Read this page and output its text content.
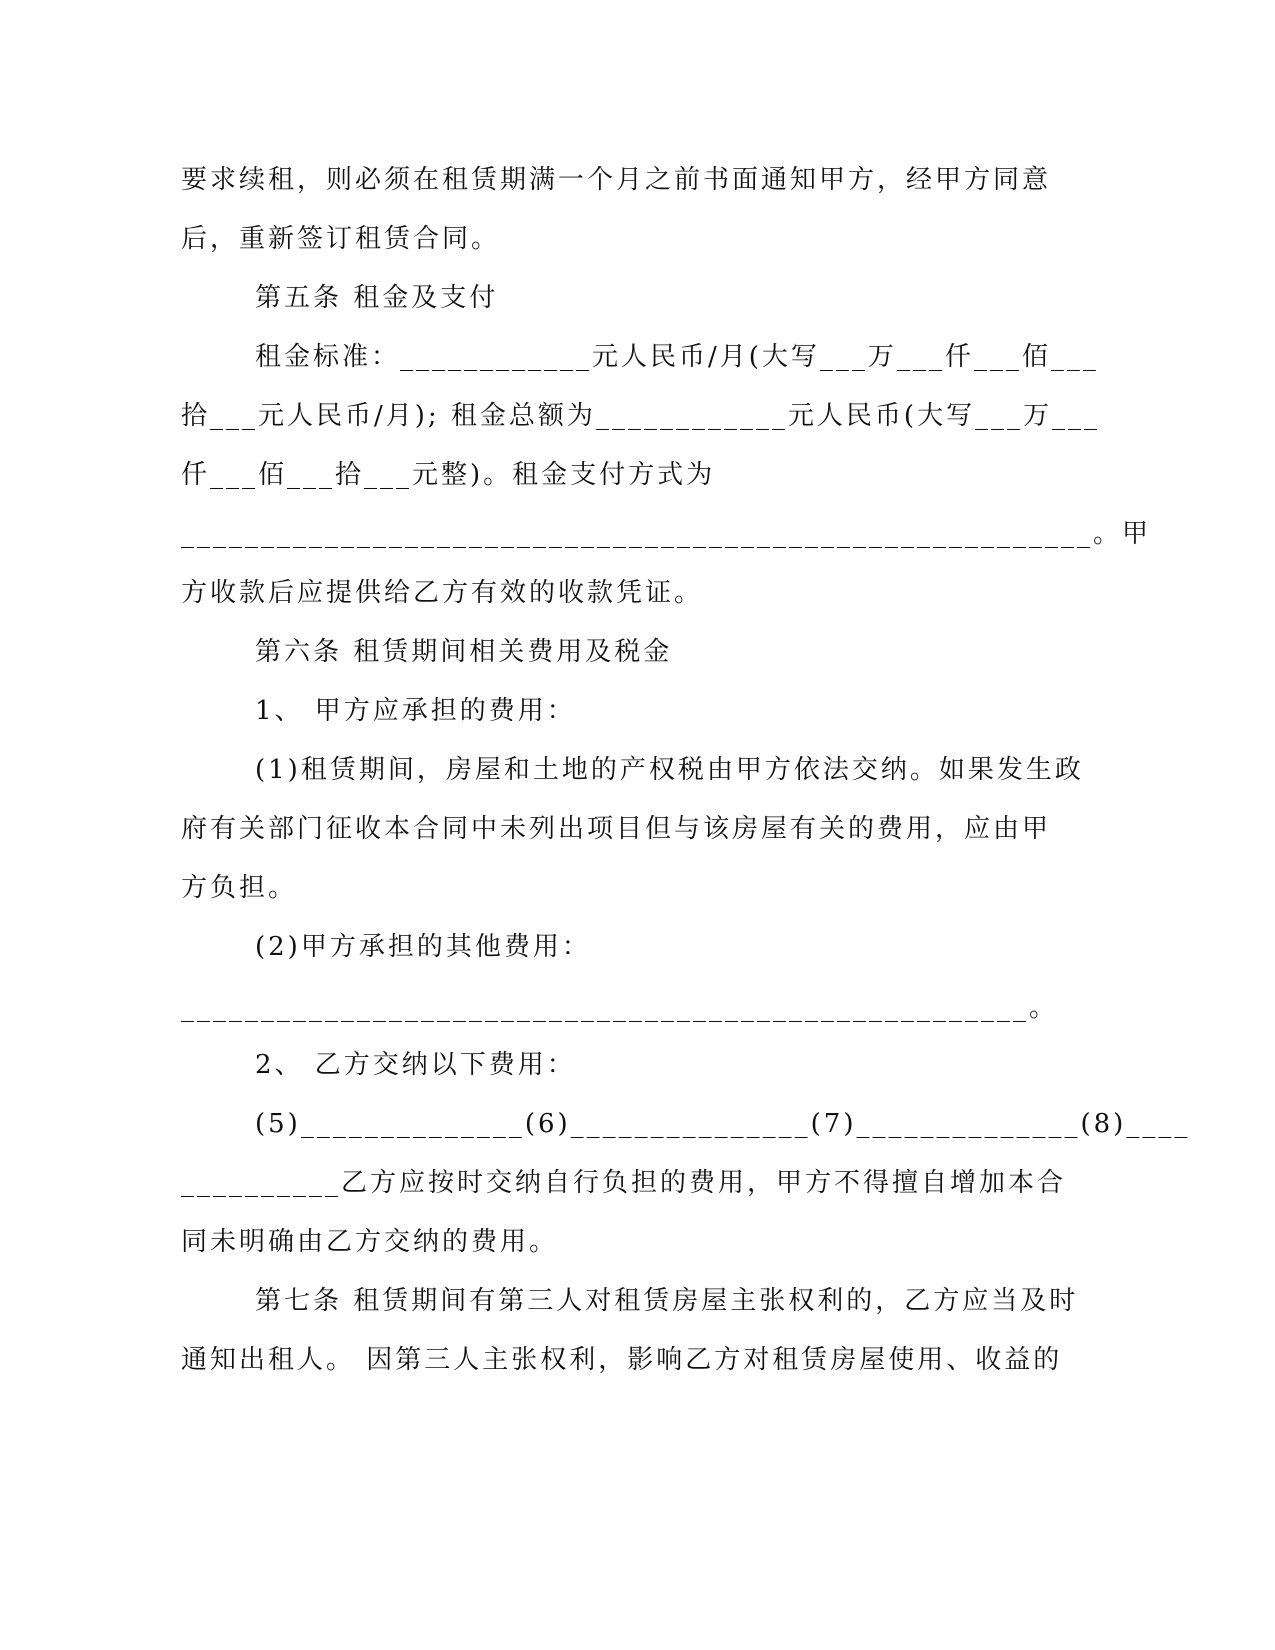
要求续租，则必须在租赁期满一个月之前书面通知甲方，经甲方同意

后，重新签订租赁合同。

第五条 租金及支付

租金标准：____________元人民币/月(大写___万___仟___佰___

拾___元人民币/月); 租金总额为____________元人民币(大写___万___

仟___佰___拾___元整)。租金支付方式为

_________________________________________________________。甲

方收款后应提供给乙方有效的收款凭证。

第六条 租赁期间相关费用及税金

1、 甲方应承担的费用：

(1)租赁期间，房屋和土地的产权税由甲方依法交纳。如果发生政

府有关部门征收本合同中未列出项目但与该房屋有关的费用，应由甲

方负担。

(2)甲方承担的其他费用：

_____________________________________________________。

2、 乙方交纳以下费用：

(5)______________(6)_______________(7)______________(8)____

__________乙方应按时交纳自行负担的费用，甲方不得擅自增加本合

同未明确由乙方交纳的费用。

第七条 租赁期间有第三人对租赁房屋主张权利的，乙方应当及时

通知出租人。 因第三人主张权利，影响乙方对租赁房屋使用、收益的
